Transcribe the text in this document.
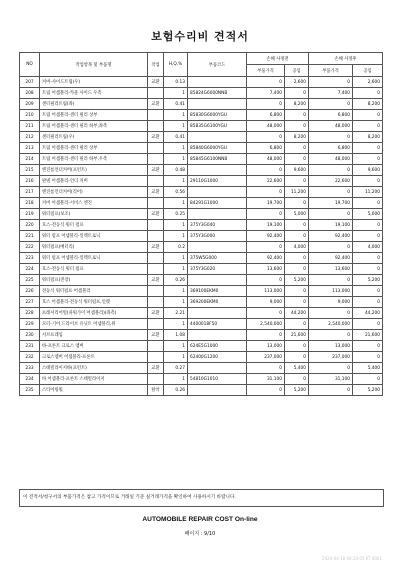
보험수리비 견적서
NO	작업항목 및 부품명	작업	H,Q,%	부품코드	손해 사정전		손해 사정후	
					부품가격	공임	부품가격	공임
207	커버-사이드트림(우)	교환	0.13		0	2,600	0	2,600
208	트림 어셈블리-카울 사이드 우측		1	85824G6000NNB	7,400	0	7,400	0
209	센터필러트림(좌)	교환	0.41		0	8,200	0	8,200
210	트림 어셈블리-센터 필러 상부		1	85830G6000YGU	6,800	0	6,800	0
211	트림 어셈블리-센터 필러 하부,좌측		1	85835G6100YGU	48,000	0	48,000	0
212	센터필러트림(우)	교환	0.41		0	8,200	0	8,200
213	트림 어셈블리-센터 필러 상부		1	85840G6000YGU	6,800	0	6,800	0
214	트림 어셈블리-센터 필러 하부,우측		1	85845G6100NNB	48,000	0	48,000	0
215	엔진룸언더커버(프런트)	교환	0.48		0	9,600	0	9,600
216	판넬 어셈블리-언더 커버		1	29110G1000	22,600	0	22,600	0
217	엔진룸언더커버(리어)	교환	0.56		0	11,200	0	11,200
218	커버 어셈블리-서비스 엔진		1	84291G1000	19,700	0	19,700	0
219	워터펌프(보조)	교환	0.25		0	5,000	0	5,000
220	호스-전동식 워터 펌프		1	375Y3G040	19,100	0	19,100	0
221	워터 펌프 어셈블리-일렉트로닉		1	375Y3G000	92,400	0	92,400	0
222	워터펌프(배터리)	교환	0.2		0	4,000	0	4,000
223	워터 펌프 어셈블리-일렉트로닉		1	375W5G000	92,400	0	92,400	0
224	호스-전동식 워터 펌프		1	375Y3G020	13,600	0	13,600	0
225	워터펌프(전장)	교환	0.26		0	5,200	0	5,200
226	전동식 워터펌프 어셈블리		1	369100EKM0	113,000	0	113,000	0
227	호스 어셈블리-전동식 워터펌프,인렛		1	369200EKM0	9,000	0	9,000	0
228	프레셔리어빌(파워가이 어셈블리)(좌측)	교환	2.21		0	44,200	0	44,200
229	모터-기어 드라이브 유닛트 어셈블리,위		1	4400018F50	2,540,000	0	2,540,000	0
230	서브프레임	교환	1.08		0	21,600	0	21,600
231	바-프론트 크로스 멤버		1	624E5G1000	13,000	0	13,000	0
232	크로스멤버 어셈블리-프론트		1	62400G1200	237,000	0	237,000	0
233	스태빌라이저바(프런트)	교환	0.27		0	5,400	0	5,400
234	바 어셈블리-프론트 스태빌라이저		1	54810G1010	31,100	0	31,100	0
235	스티어링휠	탈착	0.26		0	5,200	0	5,200
이 견적서/청구서의 부품가격은 참고 가격이므로 거래일 기준 실거래가격을 확인하여 사용하시기 바랍니다.
AUTOMOBILE REPAIR COST On-line
페이지 : 9/10
2024-04-18 04:20:05 KT 0001
